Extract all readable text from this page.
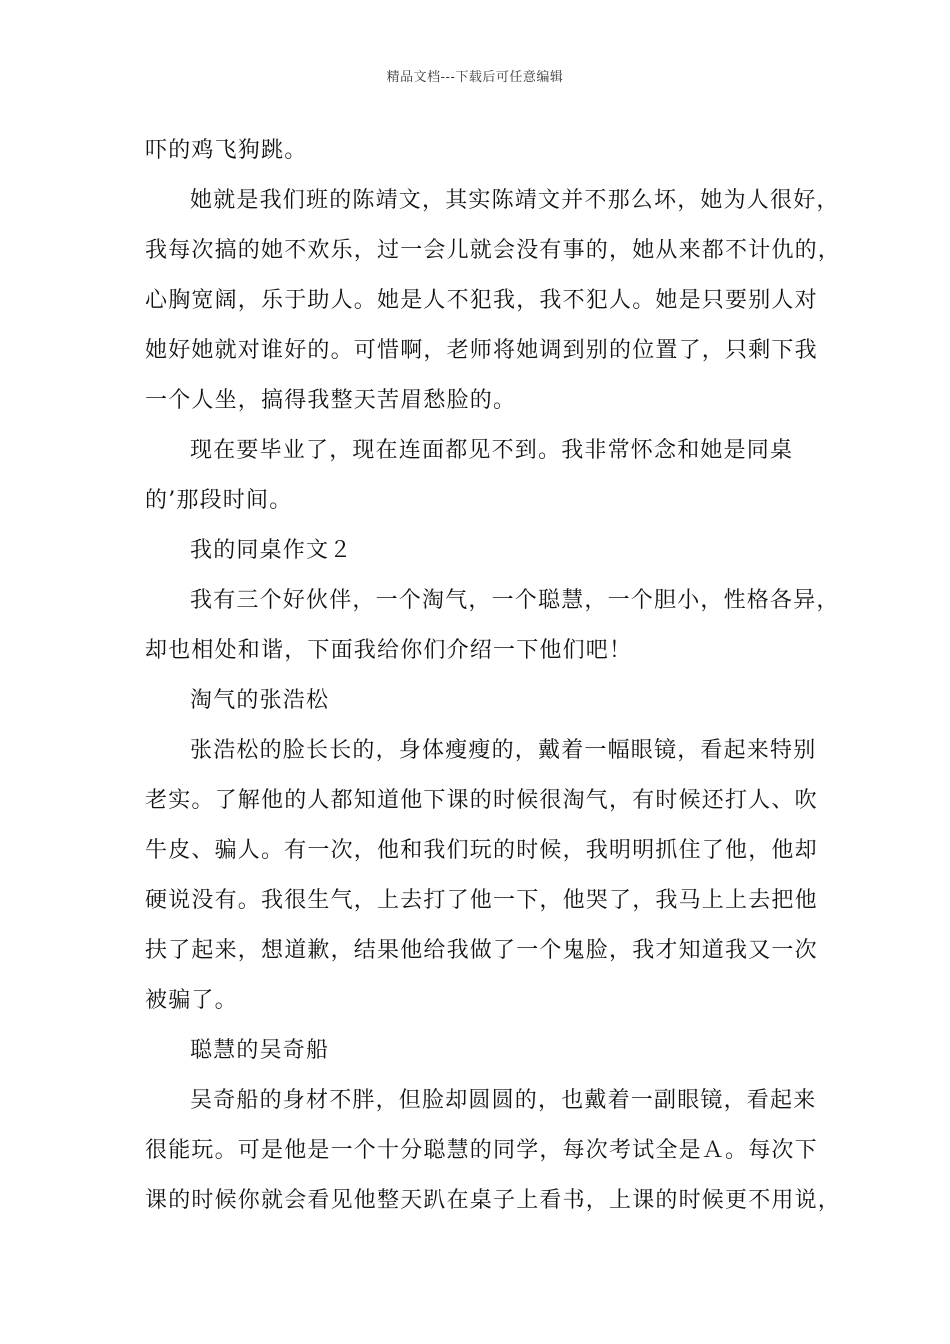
精品文档---下载后可任意编辑
吓的鸡飞狗跳。
她就是我们班的陈靖文，其实陈靖文并不那么坏，她为人很好，
我每次搞的她不欢乐，过一会儿就会没有事的，她从来都不计仇的，
心胸宽阔，乐于助人。她是人不犯我，我不犯人。她是只要别人对
她好她就对谁好的。可惜啊，老师将她调到别的位置了，只剩下我
一个人坐，搞得我整天苦眉愁脸的。
现在要毕业了，现在连面都见不到。我非常怀念和她是同桌
的’那段时间。
我的同桌作文２
我有三个好伙伴，一个淘气，一个聪慧，一个胆小，性格各异，
却也相处和谐，下面我给你们介绍一下他们吧！
淘气的张浩松
张浩松的脸长长的，身体瘦瘦的，戴着一幅眼镜，看起来特别
老实。了解他的人都知道他下课的时候很淘气，有时候还打人、吹
牛皮、骗人。有一次，他和我们玩的时候，我明明抓住了他，他却
硬说没有。我很生气，上去打了他一下，他哭了，我马上上去把他
扶了起来，想道歉，结果他给我做了一个鬼脸，我才知道我又一次
被骗了。
聪慧的吴奇船
吴奇船的身材不胖，但脸却圆圆的，也戴着一副眼镜，看起来
很能玩。可是他是一个十分聪慧的同学，每次考试全是Ａ。每次下
课的时候你就会看见他整天趴在桌子上看书，上课的时候更不用说，
